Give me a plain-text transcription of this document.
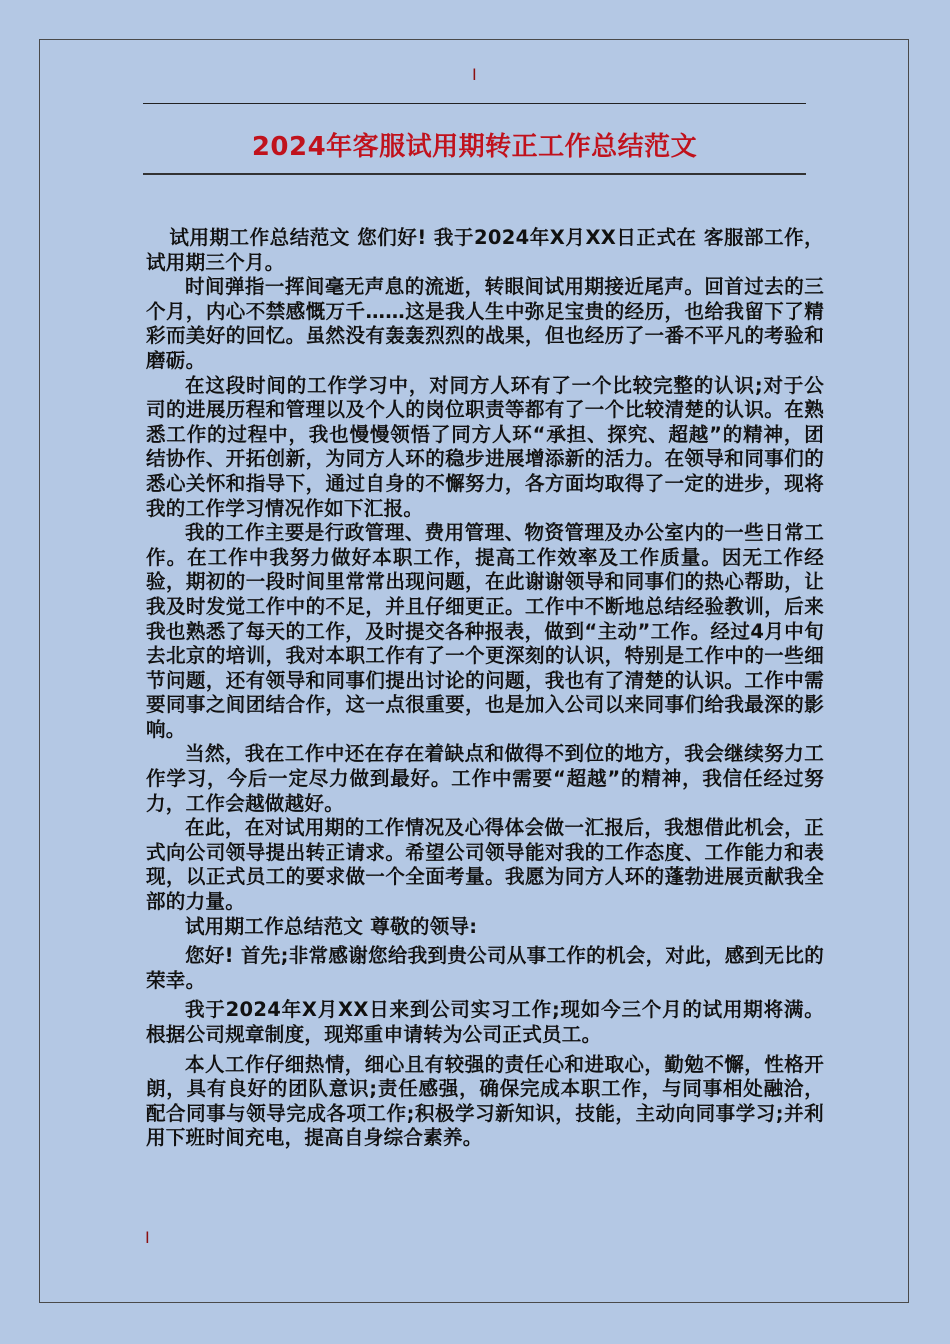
I
2024年客服试用期转正工作总结范文

试用期工作总结范文 您们好! 我于2024年X月XX日正式在 客服部工作，试用期三个月。

时间弹指一挥间毫无声息的流逝，转眼间试用期接近尾声。回首过去的三个月，内心不禁感慨万千……这是我人生中弥足宝贵的经历，也给我留下了精彩而美好的回忆。虽然没有轰轰烈烈的战果，但也经历了一番不平凡的考验和磨砺。

在这段时间的工作学习中，对同方人环有了一个比较完整的认识;对于公司的进展历程和管理以及个人的岗位职责等都有了一个比较清楚的认识。在熟悉工作的过程中，我也慢慢领悟了同方人环“承担、探究、超越”的精神，团结协作、开拓创新，为同方人环的稳步进展增添新的活力。在领导和同事们的悉心关怀和指导下，通过自身的不懈努力，各方面均取得了一定的进步，现将我的工作学习情况作如下汇报。

我的工作主要是行政管理、费用管理、物资管理及办公室内的一些日常工作。在工作中我努力做好本职工作，提高工作效率及工作质量。因无工作经验，期初的一段时间里常常出现问题，在此谢谢领导和同事们的热心帮助，让我及时发觉工作中的不足，并且仔细更正。工作中不断地总结经验教训，后来我也熟悉了每天的工作，及时提交各种报表，做到“主动”工作。经过4月中旬去北京的培训，我对本职工作有了一个更深刻的认识，特别是工作中的一些细节问题，还有领导和同事们提出讨论的问题，我也有了清楚的认识。工作中需要同事之间团结合作，这一点很重要，也是加入公司以来同事们给我最深的影响。

当然，我在工作中还在存在着缺点和做得不到位的地方，我会继续努力工作学习，今后一定尽力做到最好。工作中需要“超越”的精神，我信任经过努力，工作会越做越好。

在此，在对试用期的工作情况及心得体会做一汇报后，我想借此机会，正式向公司领导提出转正请求。希望公司领导能对我的工作态度、工作能力和表现，以正式员工的要求做一个全面考量。我愿为同方人环的蓬勃进展贡献我全部的力量。

试用期工作总结范文 尊敬的领导:

您好! 首先;非常感谢您给我到贵公司从事工作的机会，对此，感到无比的荣幸。

我于2024年X月XX日来到公司实习工作;现如今三个月的试用期将满。根据公司规章制度，现郑重申请转为公司正式员工。

本人工作仔细热情，细心且有较强的责任心和进取心，勤勉不懈，性格开朗，具有良好的团队意识;责任感强，确保完成本职工作，与同事相处融洽，配合同事与领导完成各项工作;积极学习新知识，技能，主动向同事学习;并利用下班时间充电，提高自身综合素养。

I
